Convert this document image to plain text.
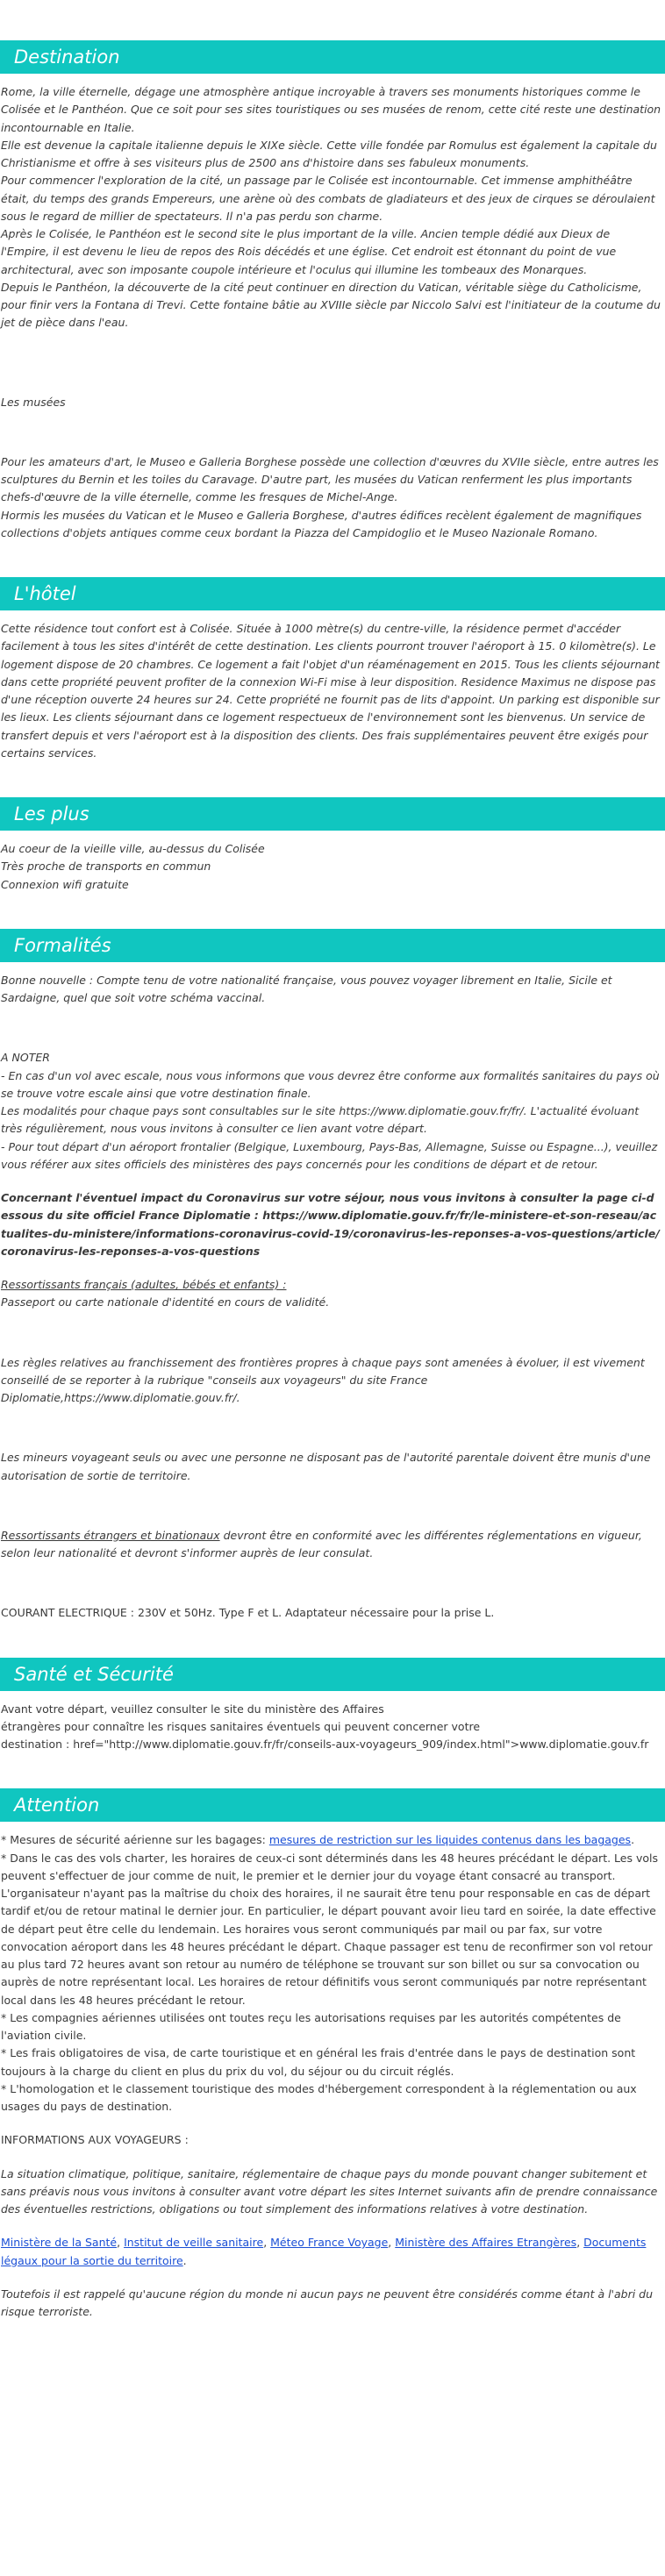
Destination

Rome, la ville éternelle, dégage une atmosphère antique incroyable à travers ses monuments historiques comme le Colisée et le Panthéon. Que ce soit pour ses sites touristiques ou ses musées de renom, cette cité reste une destination incontournable en Italie.

Elle est devenue la capitale italienne depuis le XIXe siècle. Cette ville fondée par Romulus est également la capitale du Christianisme et offre à ses visiteurs plus de 2500 ans d'histoire dans ses fabuleux monuments.

Pour commencer l'exploration de la cité, un passage par le Colisée est incontournable. Cet immense amphithéâtre était, du temps des grands Empereurs, une arène où des combats de gladiateurs et des jeux de cirques se déroulaient sous le regard de millier de spectateurs. Il n'a pas perdu son charme.

Après le Colisée, le Panthéon est le second site le plus important de la ville. Ancien temple dédié aux Dieux de l'Empire, il est devenu le lieu de repos des Rois décédés et une église. Cet endroit est étonnant du point de vue architectural, avec son imposante coupole intérieure et l'oculus qui illumine les tombeaux des Monarques.

Depuis le Panthéon, la découverte de la cité peut continuer en direction du Vatican, véritable siège du Catholicisme, pour finir vers la Fontana di Trevi. Cette fontaine bâtie au XVIIIe siècle par Niccolo Salvi est l'initiateur de la coutume du jet de pièce dans l'eau.

Les musées

Pour les amateurs d'art, le Museo e Galleria Borghese possède une collection d'œuvres du XVIIe siècle, entre autres les sculptures du Bernin et les toiles du Caravage. D'autre part, les musées du Vatican renferment les plus importants chefs-d'œuvre de la ville éternelle, comme les fresques de Michel-Ange.

Hormis les musées du Vatican et le Museo e Galleria Borghese, d'autres édifices recèlent également de magnifiques collections d'objets antiques comme ceux bordant la Piazza del Campidoglio et le Museo Nazionale Romano.

L'hôtel

Cette résidence tout confort est à Colisée. Située à 1000 mètre(s) du centre-ville, la résidence permet d'accéder facilement à tous les sites d'intérêt de cette destination. Les clients pourront trouver l'aéroport à 15. 0 kilomètre(s). Le logement dispose de 20 chambres. Ce logement a fait l'objet d'un réaménagement en 2015. Tous les clients séjournant dans cette propriété peuvent profiter de la connexion Wi-Fi mise à leur disposition. Residence Maximus ne dispose pas d'une réception ouverte 24 heures sur 24. Cette propriété ne fournit pas de lits d'appoint. Un parking est disponible sur les lieux. Les clients séjournant dans ce logement respectueux de l'environnement sont les bienvenus. Un service de transfert depuis et vers l'aéroport est à la disposition des clients. Des frais supplémentaires peuvent être exigés pour certains services.

Les plus

Au coeur de la vieille ville, au-dessus du Colisée

Très proche de transports en commun

Connexion wifi gratuite

Formalités

Bonne nouvelle : Compte tenu de votre nationalité française, vous pouvez voyager librement en Italie, Sicile et Sardaigne, quel que soit votre schéma vaccinal.

A NOTER

- En cas d'un vol avec escale, nous vous informons que vous devrez être conforme aux formalités sanitaires du pays où se trouve votre escale ainsi que votre destination finale.

Les modalités pour chaque pays sont consultables sur le site https://www.diplomatie.gouv.fr/fr/. L'actualité évoluant très régulièrement, nous vous invitons à consulter ce lien avant votre départ.

- Pour tout départ d'un aéroport frontalier (Belgique, Luxembourg, Pays-Bas, Allemagne, Suisse ou Espagne...), veuillez vous référer aux sites officiels des ministères des pays concernés pour les conditions de départ et de retour.

Concernant l'éventuel impact du Coronavirus sur votre séjour, nous vous invitons à consulter la page ci-dessous du site officiel France Diplomatie : https://www.diplomatie.gouv.fr/fr/le-ministere-et-son-reseau/actualites-du-ministere/informations-coronavirus-covid-19/coronavirus-les-reponses-a-vos-questions/article/coronavirus-les-reponses-a-vos-questions

Ressortissants français (adultes, bébés et enfants) :

Passeport ou carte nationale d'identité en cours de validité.

Les règles relatives au franchissement des frontières propres à chaque pays sont amenées à évoluer, il est vivement conseillé de se reporter à la rubrique "conseils aux voyageurs" du site France Diplomatie,https://www.diplomatie.gouv.fr/.

Les mineurs voyageant seuls ou avec une personne ne disposant pas de l'autorité parentale doivent être munis d'une autorisation de sortie de territoire.

Ressortissants étrangers et binationaux devront être en conformité avec les différentes réglementations en vigueur, selon leur nationalité et devront s'informer auprès de leur consulat.

COURANT ELECTRIQUE : 230V et 50Hz. Type F et L. Adaptateur nécessaire pour la prise L.

Santé et Sécurité

Avant votre départ, veuillez consulter le site du ministère des Affaires

étrangères pour connaître les risques sanitaires éventuels qui peuvent concerner votre

destination : href="http://www.diplomatie.gouv.fr/fr/conseils-aux-voyageurs_909/index.html">www.diplomatie.gouv.fr

Attention

* Mesures de sécurité aérienne sur les bagages: mesures de restriction sur les liquides contenus dans les bagages.

* Dans le cas des vols charter, les horaires de ceux-ci sont déterminés dans les 48 heures précédant le départ. Les vols peuvent s'effectuer de jour comme de nuit, le premier et le dernier jour du voyage étant consacré au transport. L'organisateur n'ayant pas la maîtrise du choix des horaires, il ne saurait être tenu pour responsable en cas de départ tardif et/ou de retour matinal le dernier jour. En particulier, le départ pouvant avoir lieu tard en soirée, la date effective de départ peut être celle du lendemain. Les horaires vous seront communiqués par mail ou par fax, sur votre convocation aéroport dans les 48 heures précédant le départ. Chaque passager est tenu de reconfirmer son vol retour au plus tard 72 heures avant son retour au numéro de téléphone se trouvant sur son billet ou sur sa convocation ou auprès de notre représentant local. Les horaires de retour définitifs vous seront communiqués par notre représentant local dans les 48 heures précédant le retour.

* Les compagnies aériennes utilisées ont toutes reçu les autorisations requises par les autorités compétentes de l'aviation civile.

* Les frais obligatoires de visa, de carte touristique et en général les frais d'entrée dans le pays de destination sont toujours à la charge du client en plus du prix du vol, du séjour ou du circuit réglés.

* L'homologation et le classement touristique des modes d'hébergement correspondent à la réglementation ou aux usages du pays de destination.

INFORMATIONS AUX VOYAGEURS :

La situation climatique, politique, sanitaire, réglementaire de chaque pays du monde pouvant changer subitement et sans préavis nous vous invitons à consulter avant votre départ les sites Internet suivants afin de prendre connaissance des éventuelles restrictions, obligations ou tout simplement des informations relatives à votre destination.

Ministère de la Santé, Institut de veille sanitaire, Méteo France Voyage, Ministère des Affaires Etrangères, Documents légaux pour la sortie du territoire.

Toutefois il est rappelé qu'aucune région du monde ni aucun pays ne peuvent être considérés comme étant à l'abri du risque terroriste.
